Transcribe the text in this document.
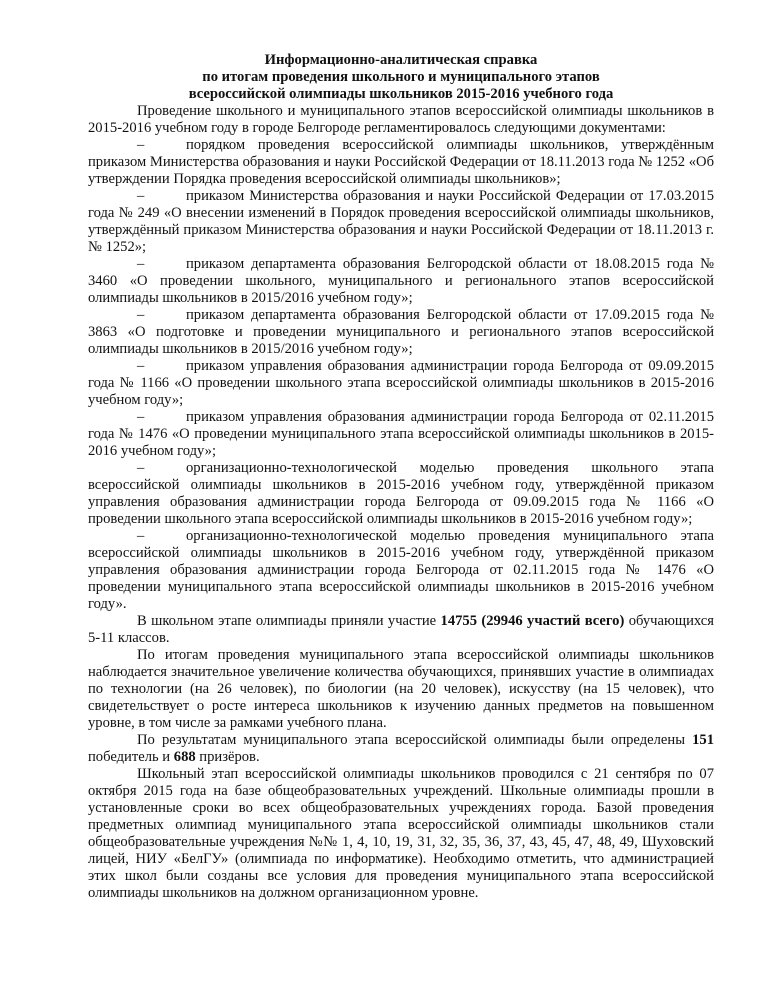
Информационно-аналитическая справка
по итогам проведения школьного и муниципального этапов
всероссийской олимпиады школьников 2015-2016 учебного года

Проведение школьного и муниципального этапов всероссийской олимпиады школьников в 2015-2016 учебном году в городе Белгороде регламентировалось следующими документами:

–	порядком проведения всероссийской олимпиады школьников, утверждённым приказом Министерства образования и науки Российской Федерации от 18.11.2013 года № 1252 «Об утверждении Порядка проведения всероссийской олимпиады школьников»;

–	приказом Министерства образования и науки Российской Федерации от 17.03.2015 года № 249 «О внесении изменений в Порядок проведения всероссийской олимпиады школьников, утверждённый приказом Министерства образования и науки Российской Федерации от 18.11.2013 г. № 1252»;

–	приказом департамента образования Белгородской области от 18.08.2015 года № 3460 «О проведении школьного, муниципального и регионального этапов всероссийской олимпиады школьников в 2015/2016 учебном году»;

–	приказом департамента образования Белгородской области от 17.09.2015 года № 3863 «О подготовке и проведении муниципального и регионального этапов всероссийской олимпиады школьников в 2015/2016 учебном году»;

–	приказом управления образования администрации города Белгорода от 09.09.2015 года № 1166 «О проведении школьного этапа всероссийской олимпиады школьников в 2015-2016 учебном году»;

–	приказом управления образования администрации города Белгорода от 02.11.2015 года № 1476 «О проведении муниципального этапа всероссийской олимпиады школьников в 2015-2016 учебном году»;

–	организационно-технологической моделью проведения школьного этапа всероссийской олимпиады школьников в 2015-2016 учебном году, утверждённой приказом управления образования администрации города Белгорода от 09.09.2015 года № 1166 «О проведении школьного этапа всероссийской олимпиады школьников в 2015-2016 учебном году»;

–	организационно-технологической моделью проведения муниципального этапа всероссийской олимпиады школьников в 2015-2016 учебном году, утверждённой приказом управления образования администрации города Белгорода от 02.11.2015 года № 1476 «О проведении муниципального этапа всероссийской олимпиады школьников в 2015-2016 учебном году».

В школьном этапе олимпиады приняли участие 14755 (29946 участий всего) обучающихся 5-11 классов.

По итогам проведения муниципального этапа всероссийской олимпиады школьников наблюдается значительное увеличение количества обучающихся, принявших участие в олимпиадах по технологии (на 26 человек), по биологии (на 20 человек), искусству (на 15 человек), что свидетельствует о росте интереса школьников к изучению данных предметов на повышенном уровне, в том числе за рамками учебного плана.

По результатам муниципального этапа всероссийской олимпиады были определены 151 победитель и 688 призёров.

Школьный этап всероссийской олимпиады школьников проводился с 21 сентября по 07 октября 2015 года на базе общеобразовательных учреждений. Школьные олимпиады прошли в установленные сроки во всех общеобразовательных учреждениях города. Базой проведения предметных олимпиад муниципального этапа всероссийской олимпиады школьников стали общеобразовательные учреждения №№ 1, 4, 10, 19, 31, 32, 35, 36, 37, 43, 45, 47, 48, 49, Шуховский лицей, НИУ «БелГУ» (олимпиада по информатике). Необходимо отметить, что администрацией этих школ были созданы все условия для проведения муниципального этапа всероссийской олимпиады школьников на должном организационном уровне.
